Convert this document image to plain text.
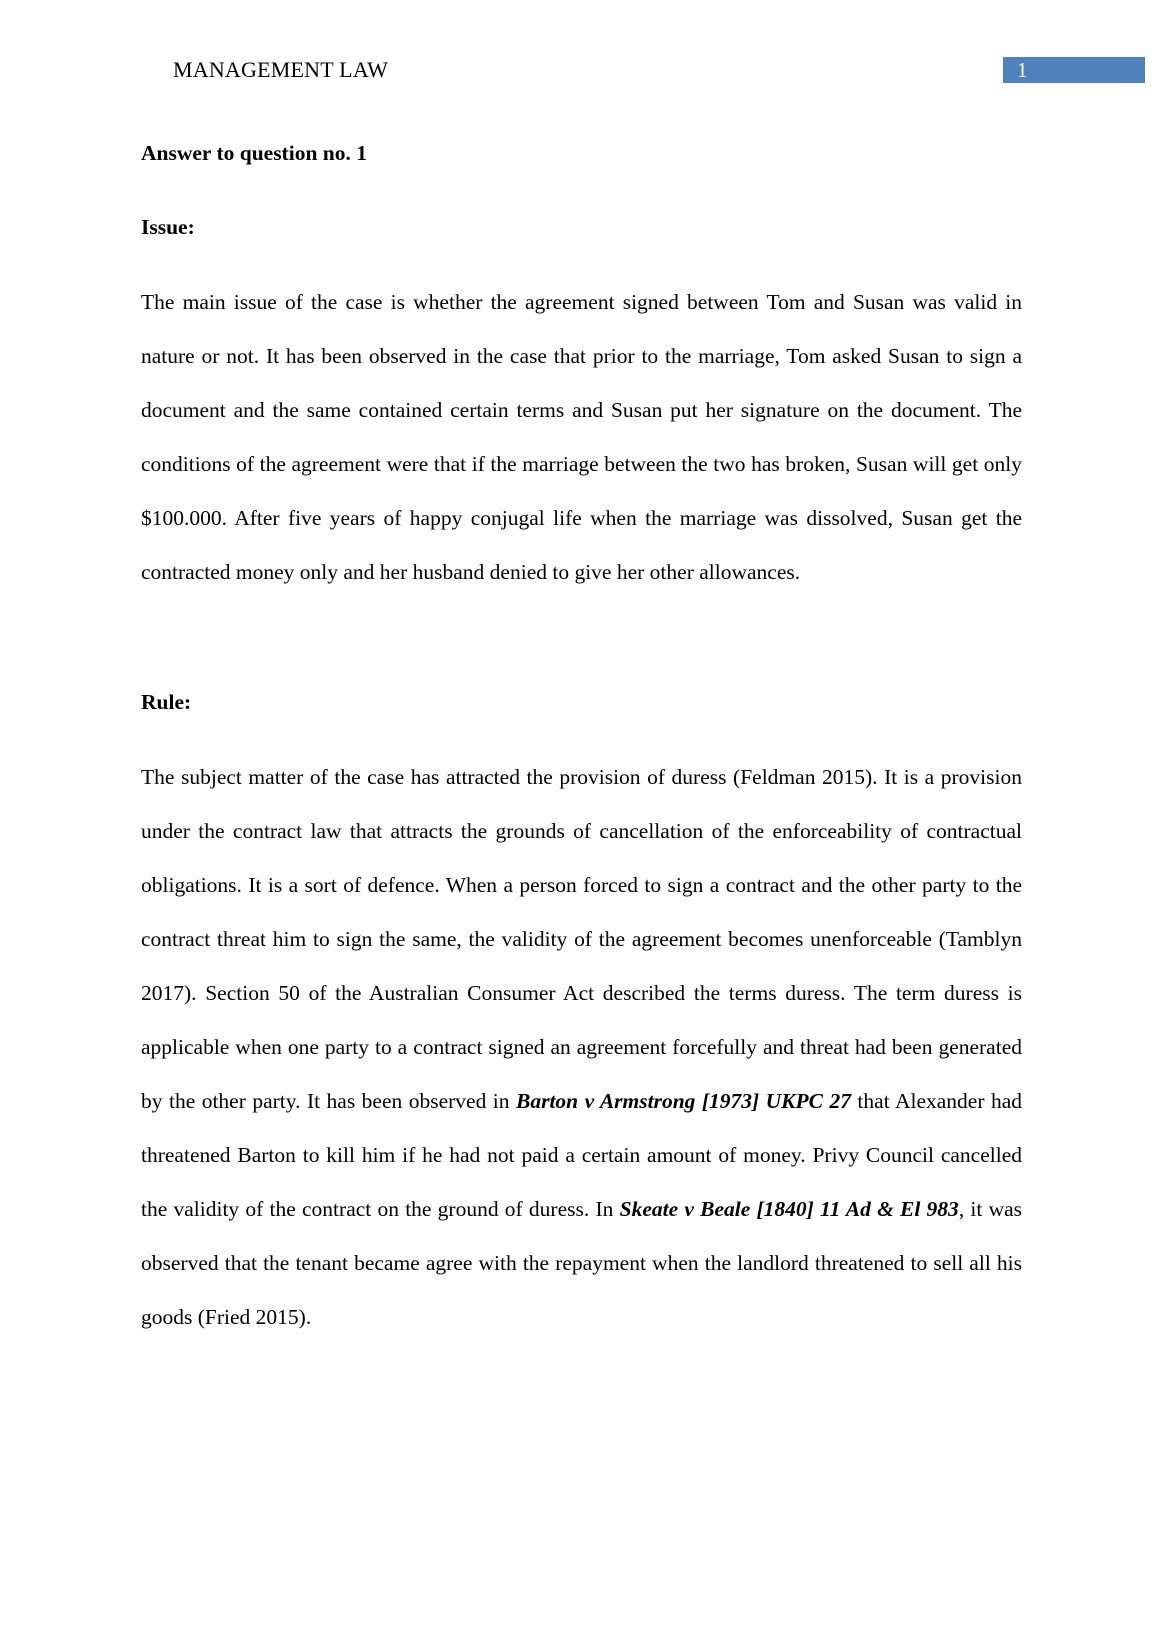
MANAGEMENT LAW	1
Answer to question no. 1
Issue:

The main issue of the case is whether the agreement signed between Tom and Susan was valid in nature or not. It has been observed in the case that prior to the marriage, Tom asked Susan to sign a document and the same contained certain terms and Susan put her signature on the document. The conditions of the agreement were that if the marriage between the two has broken, Susan will get only $100.000. After five years of happy conjugal life when the marriage was dissolved, Susan get the contracted money only and her husband denied to give her other allowances.

Rule:

The subject matter of the case has attracted the provision of duress (Feldman 2015). It is a provision under the contract law that attracts the grounds of cancellation of the enforceability of contractual obligations. It is a sort of defence. When a person forced to sign a contract and the other party to the contract threat him to sign the same, the validity of the agreement becomes unenforceable (Tamblyn 2017). Section 50 of the Australian Consumer Act described the terms duress. The term duress is applicable when one party to a contract signed an agreement forcefully and threat had been generated by the other party. It has been observed in Barton v Armstrong [1973] UKPC 27 that Alexander had threatened Barton to kill him if he had not paid a certain amount of money. Privy Council cancelled the validity of the contract on the ground of duress. In Skeate v Beale [1840] 11 Ad & El 983, it was observed that the tenant became agree with the repayment when the landlord threatened to sell all his goods (Fried 2015).
